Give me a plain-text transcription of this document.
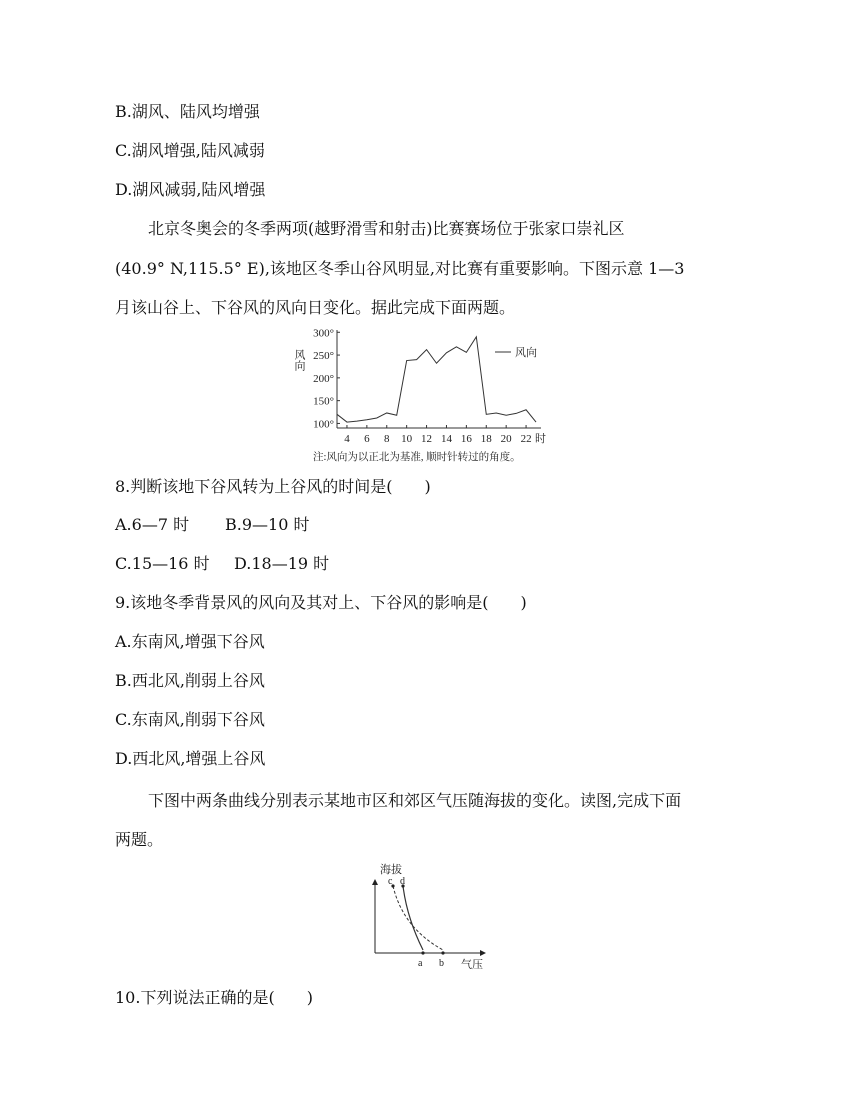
B.湖风、陆风均增强
C.湖风增强,陆风减弱
D.湖风减弱,陆风增强
北京冬奥会的冬季两项(越野滑雪和射击)比赛赛场位于张家口崇礼区
(40.9° N,115.5° E),该地区冬季山谷风明显,对比赛有重要影响。下图示意 1—3
月该山谷上、下谷风的风向日变化。据此完成下面两题。
风向
300°
250°
200°
150°
100°
4 6 8 10 12 14 16 18 20 22
风向
时
注:风向为以正北为基准, 顺时针转过的角度。
8.判断该地下谷风转为上谷风的时间是(　　)
A.6—7 时 B.9—10 时
C.15—16 时 D.18—19 时
9.该地冬季背景风的风向及其对上、下谷风的影响是(　　)
A.东南风,增强下谷风
B.西北风,削弱上谷风
C.东南风,削弱下谷风
D.西北风,增强上谷风
下图中两条曲线分别表示某地市区和郊区气压随海拔的变化。读图,完成下面
两题。
海拔
c d
a b 气压
10.下列说法正确的是(　　)
